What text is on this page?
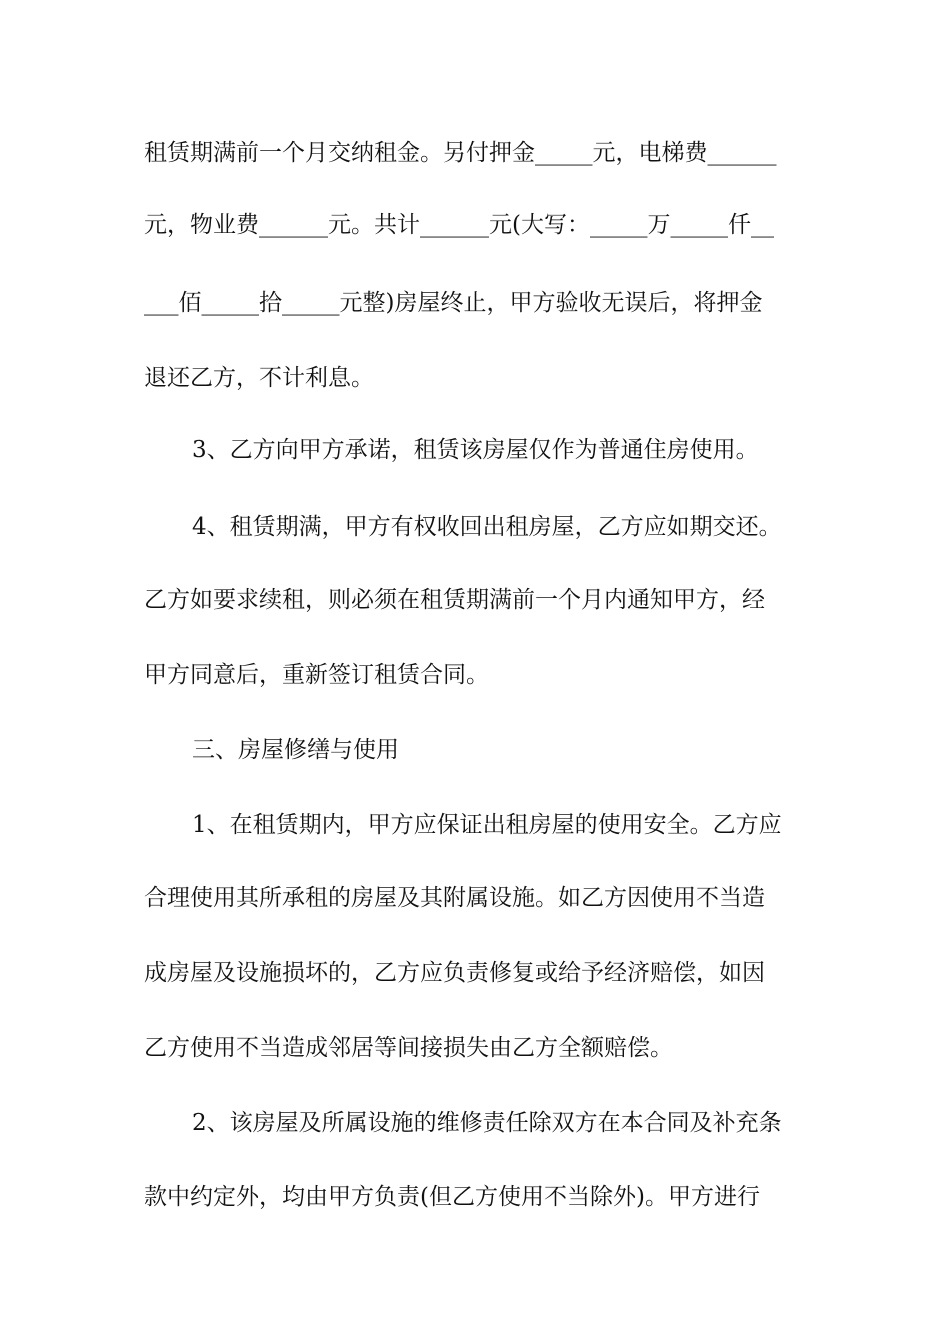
租赁期满前一个月交纳租金。另付押金_____元，电梯费______
元，物业费______元。共计______元(大写：_____万_____仟__
___佰_____拾_____元整)房屋终止，甲方验收无误后，将押金
退还乙方，不计利息。
3、乙方向甲方承诺，租赁该房屋仅作为普通住房使用。
4、租赁期满，甲方有权收回出租房屋，乙方应如期交还。
乙方如要求续租，则必须在租赁期满前一个月内通知甲方，经
甲方同意后，重新签订租赁合同。
三、房屋修缮与使用
1、在租赁期内，甲方应保证出租房屋的使用安全。乙方应
合理使用其所承租的房屋及其附属设施。如乙方因使用不当造
成房屋及设施损坏的，乙方应负责修复或给予经济赔偿，如因
乙方使用不当造成邻居等间接损失由乙方全额赔偿。
2、该房屋及所属设施的维修责任除双方在本合同及补充条
款中约定外，均由甲方负责(但乙方使用不当除外)。甲方进行
